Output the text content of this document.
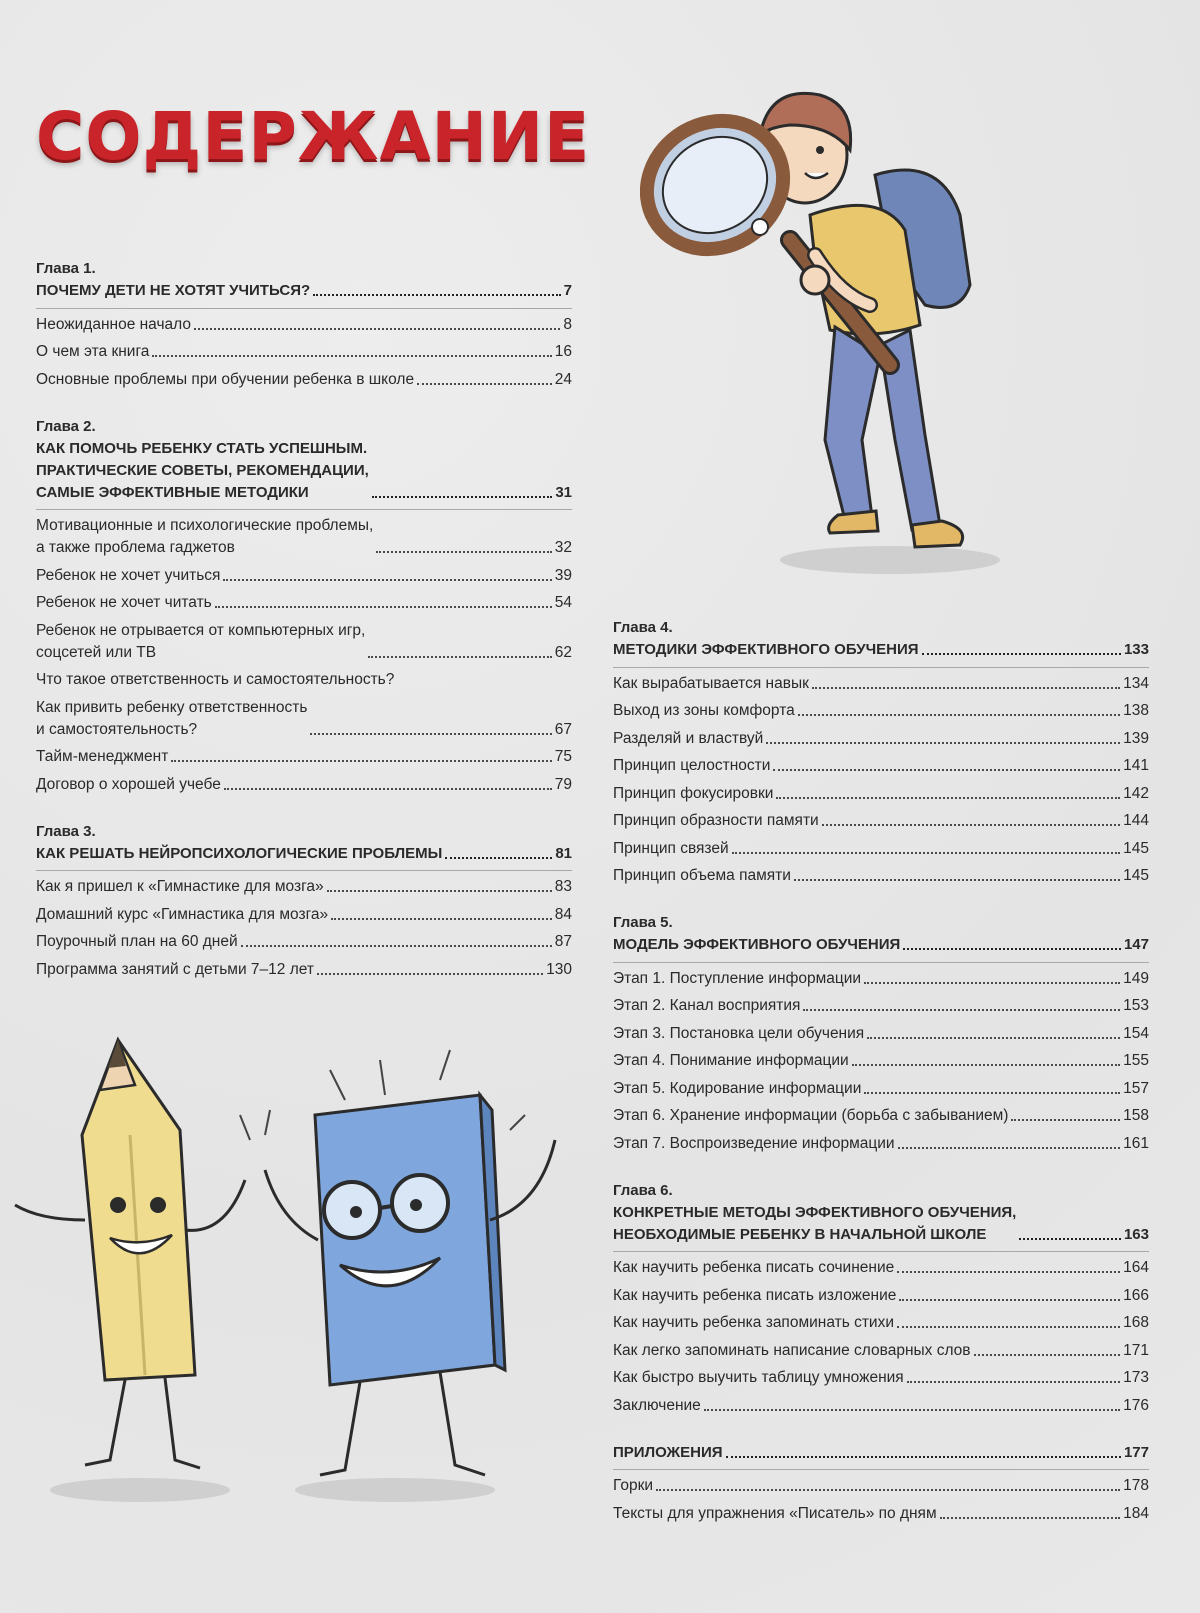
СОДЕРЖАНИЕ
Глава 1.
ПОЧЕМУ ДЕТИ НЕ ХОТЯТ УЧИТЬСЯ?	7
Неожиданное начало	8
О чем эта книга	16
Основные проблемы при обучении ребенка в школе	24
Глава 2.
КАК ПОМОЧЬ РЕБЕНКУ СТАТЬ УСПЕШНЫМ.
ПРАКТИЧЕСКИЕ СОВЕТЫ, РЕКОМЕНДАЦИИ,
САМЫЕ ЭФФЕКТИВНЫЕ МЕТОДИКИ	31
Мотивационные и психологические проблемы,
а также проблема гаджетов	32
Ребенок не хочет учиться	39
Ребенок не хочет читать	54
Ребенок не отрывается от компьютерных игр,
соцсетей или ТВ	62
Что такое ответственность и самостоятельность?
Как привить ребенку ответственность
и самостоятельность?	67
Тайм-менеджмент	75
Договор о хорошей учебе	79
Глава 3.
КАК РЕШАТЬ НЕЙРОПСИХОЛОГИЧЕСКИЕ ПРОБЛЕМЫ	81
Как я пришел к «Гимнастике для мозга»	83
Домашний курс «Гимнастика для мозга»	84
Поурочный план на 60 дней	87
Программа занятий с детьми 7–12 лет	130
Глава 4.
МЕТОДИКИ ЭФФЕКТИВНОГО ОБУЧЕНИЯ	133
Как вырабатывается навык	134
Выход из зоны комфорта	138
Разделяй и властвуй	139
Принцип целостности	141
Принцип фокусировки	142
Принцип образности памяти	144
Принцип связей	145
Принцип объема памяти	145
Глава 5.
МОДЕЛЬ ЭФФЕКТИВНОГО ОБУЧЕНИЯ	147
Этап 1. Поступление информации	149
Этап 2. Канал восприятия	153
Этап 3. Постановка цели обучения	154
Этап 4. Понимание информации	155
Этап 5. Кодирование информации	157
Этап 6. Хранение информации (борьба с забыванием)	158
Этап 7. Воспроизведение информации	161
Глава 6.
КОНКРЕТНЫЕ МЕТОДЫ ЭФФЕКТИВНОГО ОБУЧЕНИЯ,
НЕОБХОДИМЫЕ РЕБЕНКУ В НАЧАЛЬНОЙ ШКОЛЕ	163
Как научить ребенка писать сочинение	164
Как научить ребенка писать изложение	166
Как научить ребенка запоминать стихи	168
Как легко запоминать написание словарных слов	171
Как быстро выучить таблицу умножения	173
Заключение	176
ПРИЛОЖЕНИЯ	177
Горки	178
Тексты для упражнения «Писатель» по дням	184
